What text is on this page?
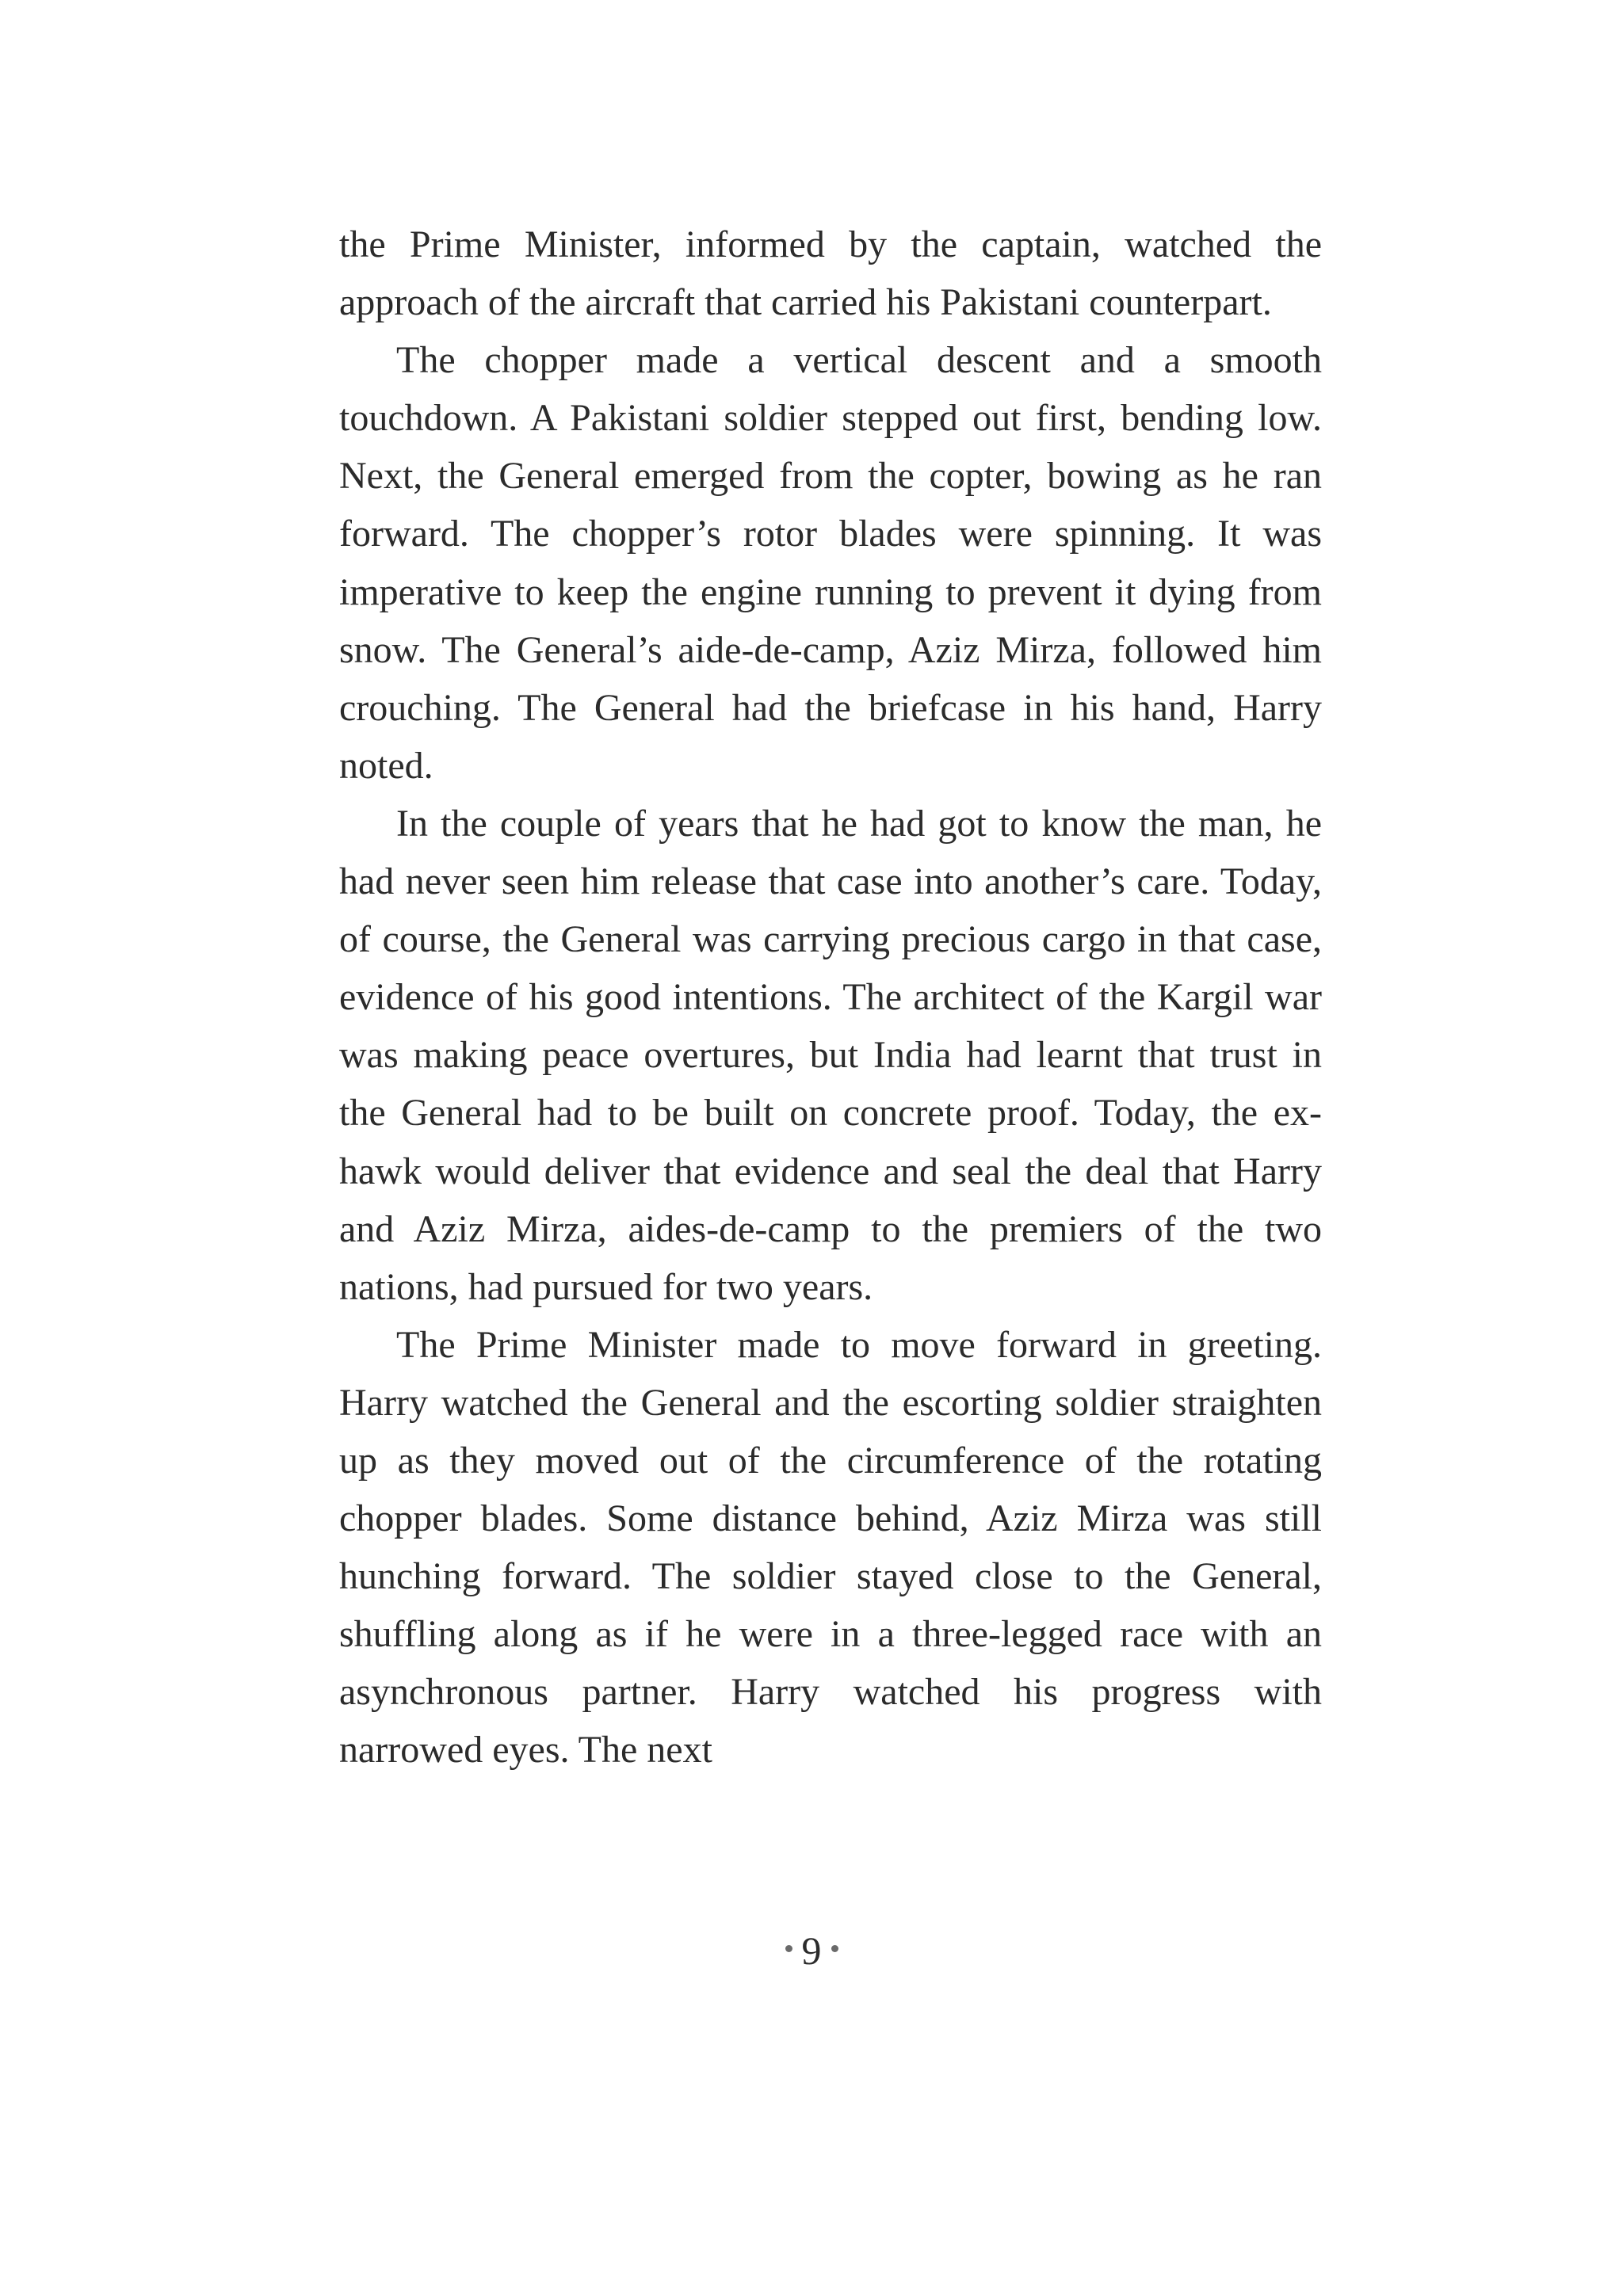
the Prime Minister, informed by the captain, watched the approach of the aircraft that carried his Pakistani counterpart.

The chopper made a vertical descent and a smooth touchdown. A Pakistani soldier stepped out first, bending low. Next, the General emerged from the copter, bowing as he ran forward. The chopper’s rotor blades were spinning. It was imperative to keep the engine running to prevent it dying from snow. The General’s aide-de-camp, Aziz Mirza, followed him crouching. The General had the briefcase in his hand, Harry noted.

In the couple of years that he had got to know the man, he had never seen him release that case into another’s care. Today, of course, the General was carrying precious cargo in that case, evidence of his good intentions. The architect of the Kargil war was making peace overtures, but India had learnt that trust in the General had to be built on concrete proof. Today, the ex-hawk would deliver that evidence and seal the deal that Harry and Aziz Mirza, aides-de-camp to the premiers of the two nations, had pursued for two years.

The Prime Minister made to move forward in greeting. Harry watched the General and the escorting soldier straighten up as they moved out of the circumference of the rotating chopper blades. Some distance behind, Aziz Mirza was still hunching forward. The soldier stayed close to the General, shuffling along as if he were in a three-legged race with an asynchronous partner. Harry watched his progress with narrowed eyes. The next

9
